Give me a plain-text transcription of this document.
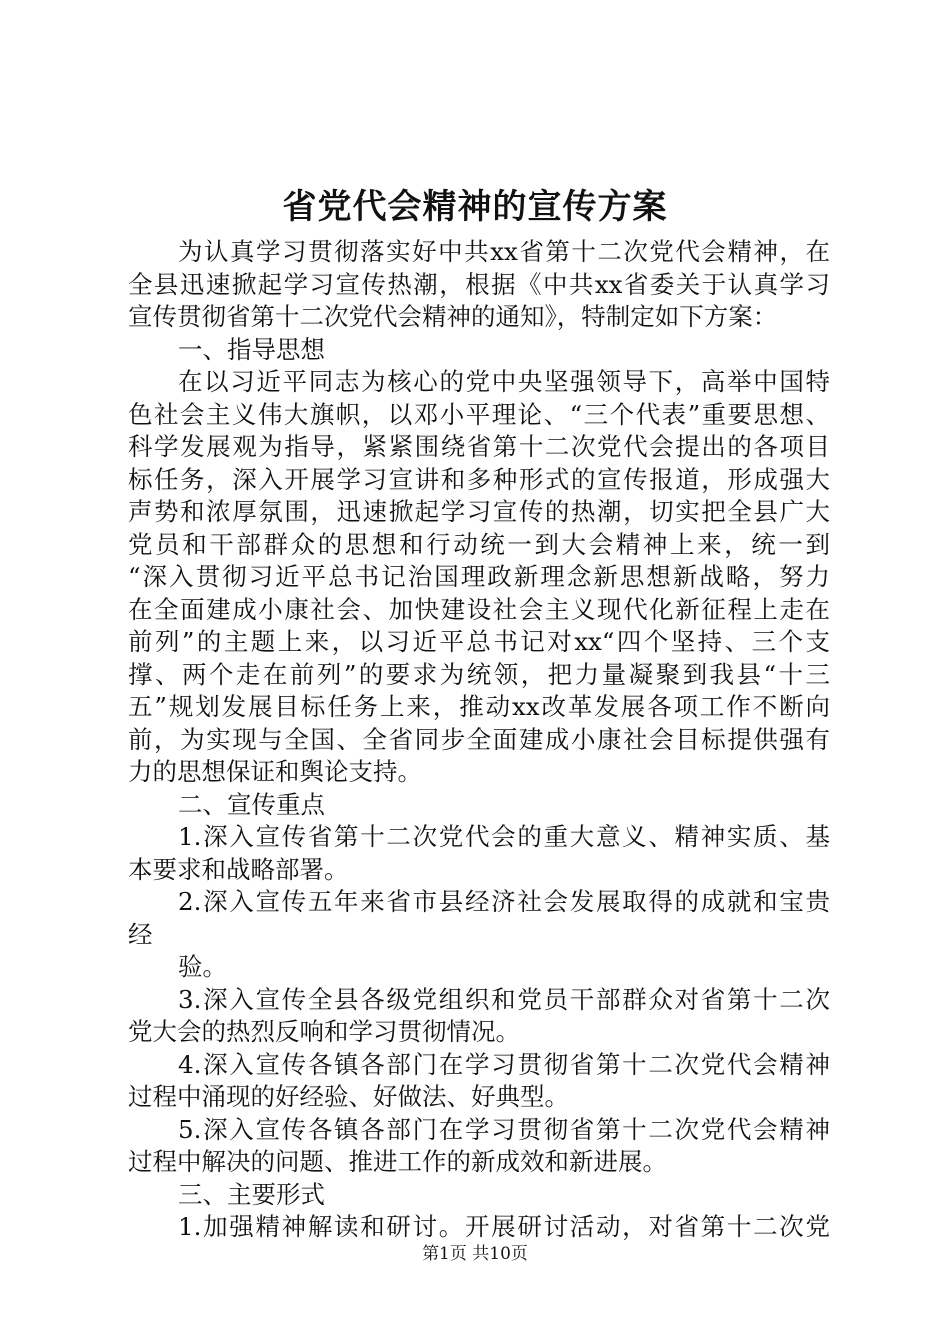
省党代会精神的宣传方案
为认真学习贯彻落实好中共xx省第十二次党代会精神，在
全县迅速掀起学习宣传热潮，根据《中共xx省委关于认真学习
宣传贯彻省第十二次党代会精神的通知》，特制定如下方案：
一、指导思想
在以习近平同志为核心的党中央坚强领导下，高举中国特
色社会主义伟大旗帜，以邓小平理论、“三个代表”重要思想、
科学发展观为指导，紧紧围绕省第十二次党代会提出的各项目
标任务，深入开展学习宣讲和多种形式的宣传报道，形成强大
声势和浓厚氛围，迅速掀起学习宣传的热潮，切实把全县广大
党员和干部群众的思想和行动统一到大会精神上来，统一到
“深入贯彻习近平总书记治国理政新理念新思想新战略，努力
在全面建成小康社会、加快建设社会主义现代化新征程上走在
前列”的主题上来，以习近平总书记对xx“四个坚持、三个支
撑、两个走在前列”的要求为统领，把力量凝聚到我县“十三
五”规划发展目标任务上来，推动xx改革发展各项工作不断向
前，为实现与全国、全省同步全面建成小康社会目标提供强有
力的思想保证和舆论支持。
二、宣传重点
1.深入宣传省第十二次党代会的重大意义、精神实质、基
本要求和战略部署。
2.深入宣传五年来省市县经济社会发展取得的成就和宝贵
经
验。
3.深入宣传全县各级党组织和党员干部群众对省第十二次
党大会的热烈反响和学习贯彻情况。
4.深入宣传各镇各部门在学习贯彻省第十二次党代会精神
过程中涌现的好经验、好做法、好典型。
5.深入宣传各镇各部门在学习贯彻省第十二次党代会精神
过程中解决的问题、推进工作的新成效和新进展。
三、主要形式
1.加强精神解读和研讨。开展研讨活动，对省第十二次党
第1页 共10页
